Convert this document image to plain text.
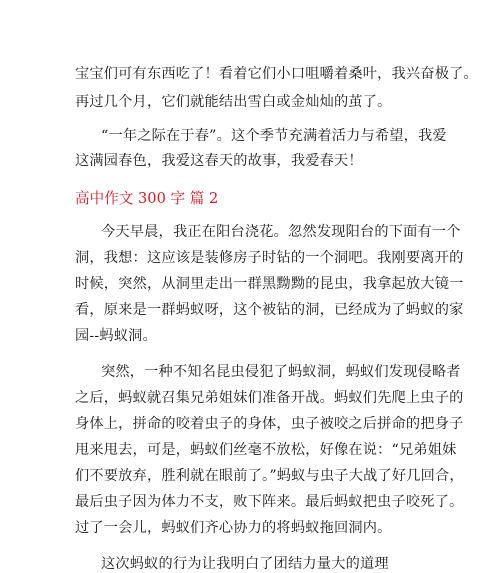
宝宝们可有东西吃了！看着它们小口咀嚼着桑叶，我兴奋极了。
再过几个月，它们就能结出雪白或金灿灿的茧了。
“一年之际在于春”。这个季节充满着活力与希望，我爱
这满园春色，我爱这春天的故事，我爱春天！
高中作文 300 字 篇 2
今天早晨，我正在阳台浇花。忽然发现阳台的下面有一个
洞，我想：这应该是装修房子时钻的一个洞吧。我刚要离开的
时候，突然，从洞里走出一群黑黝黝的昆虫，我拿起放大镜一
看，原来是一群蚂蚁呀，这个被钻的洞，已经成为了蚂蚁的家
园--蚂蚁洞。
突然，一种不知名昆虫侵犯了蚂蚁洞，蚂蚁们发现侵略者
之后，蚂蚁就召集兄弟姐妹们准备开战。蚂蚁们先爬上虫子的
身体上，拼命的咬着虫子的身体，虫子被咬之后拼命的把身子
甩来甩去，可是，蚂蚁们丝毫不放松，好像在说：“兄弟姐妹
们不要放弃，胜利就在眼前了。”蚂蚁与虫子大战了好几回合，
最后虫子因为体力不支，败下阵来。最后蚂蚁把虫子咬死了。
过了一会儿，蚂蚁们齐心协力的将蚂蚁拖回洞内。
这次蚂蚁的行为让我明白了团结力量大的道理
